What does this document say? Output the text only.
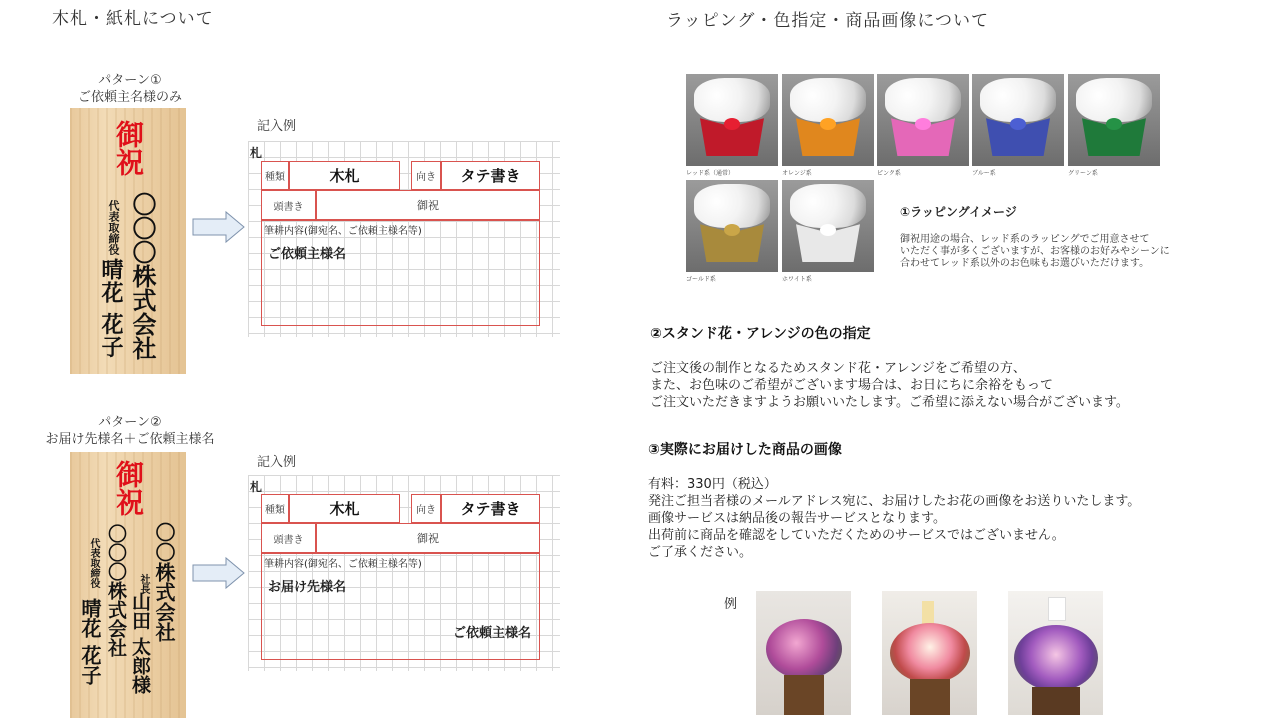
木札・紙札について
パターン①
ご依頼主名様のみ
御祝
〇〇〇株式会社
代表取締役
晴花 花子
記入例
札
種類	木札	向き	タテ書き
頭書き	御祝
筆耕内容(御宛名、ご依頼主様名等)
ご依頼主様名
パターン②
お届け先様名＋ご依頼主様名
御祝
〇〇株式会社
社長
山田 太郎様
〇〇〇株式会社
代表取締役
晴花 花子
記入例
札
種類	木札	向き	タテ書き
頭書き	御祝
筆耕内容(御宛名、ご依頼主様名等)
お届け先様名
ご依頼主様名
ラッピング・色指定・商品画像について
レッド系（通常）	オレンジ系	ピンク系	ブルー系	グリーン系
ゴールド系	ホワイト系
①ラッピングイメージ
御祝用途の場合、レッド系のラッピングでご用意させて
いただく事が多くございますが、お客様のお好みやシーンに
合わせてレッド系以外のお色味もお選びいただけます。
②スタンド花・アレンジの色の指定
ご注文後の制作となるためスタンド花・アレンジをご希望の方、
また、お色味のご希望がございます場合は、お日にちに余裕をもって
ご注文いただきますようお願いいたします。ご希望に添えない場合がございます。
③実際にお届けした商品の画像
有料：330円（税込）
発注ご担当者様のメールアドレス宛に、お届けしたお花の画像をお送りいたします。
画像サービスは納品後の報告サービスとなります。
出荷前に商品を確認をしていただくためのサービスではございません。
ご了承ください。
例
